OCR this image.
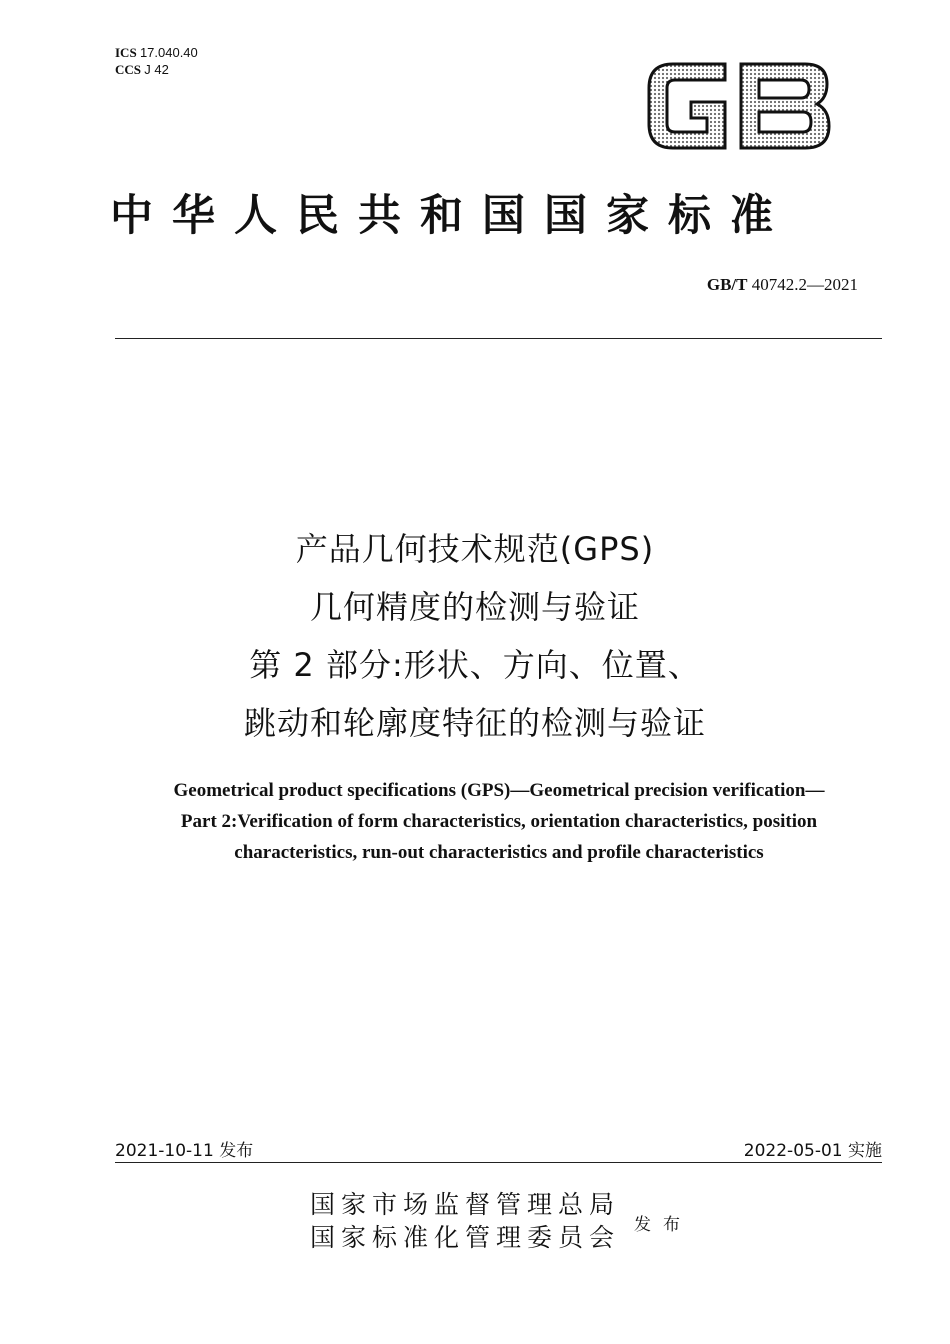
ICS 17.040.40
CCS J 42
中华人民共和国国家标准
GB/T 40742.2—2021
产品几何技术规范(GPS)
几何精度的检测与验证
第 2 部分:形状、方向、位置、
跳动和轮廓度特征的检测与验证
Geometrical product specifications (GPS)—Geometrical precision verification—
Part 2:Verification of form characteristics, orientation characteristics, position
characteristics, run-out characteristics and profile characteristics
2021-10-11 发布	2022-05-01 实施
国家市场监督管理总局
国家标准化管理委员会 发布
